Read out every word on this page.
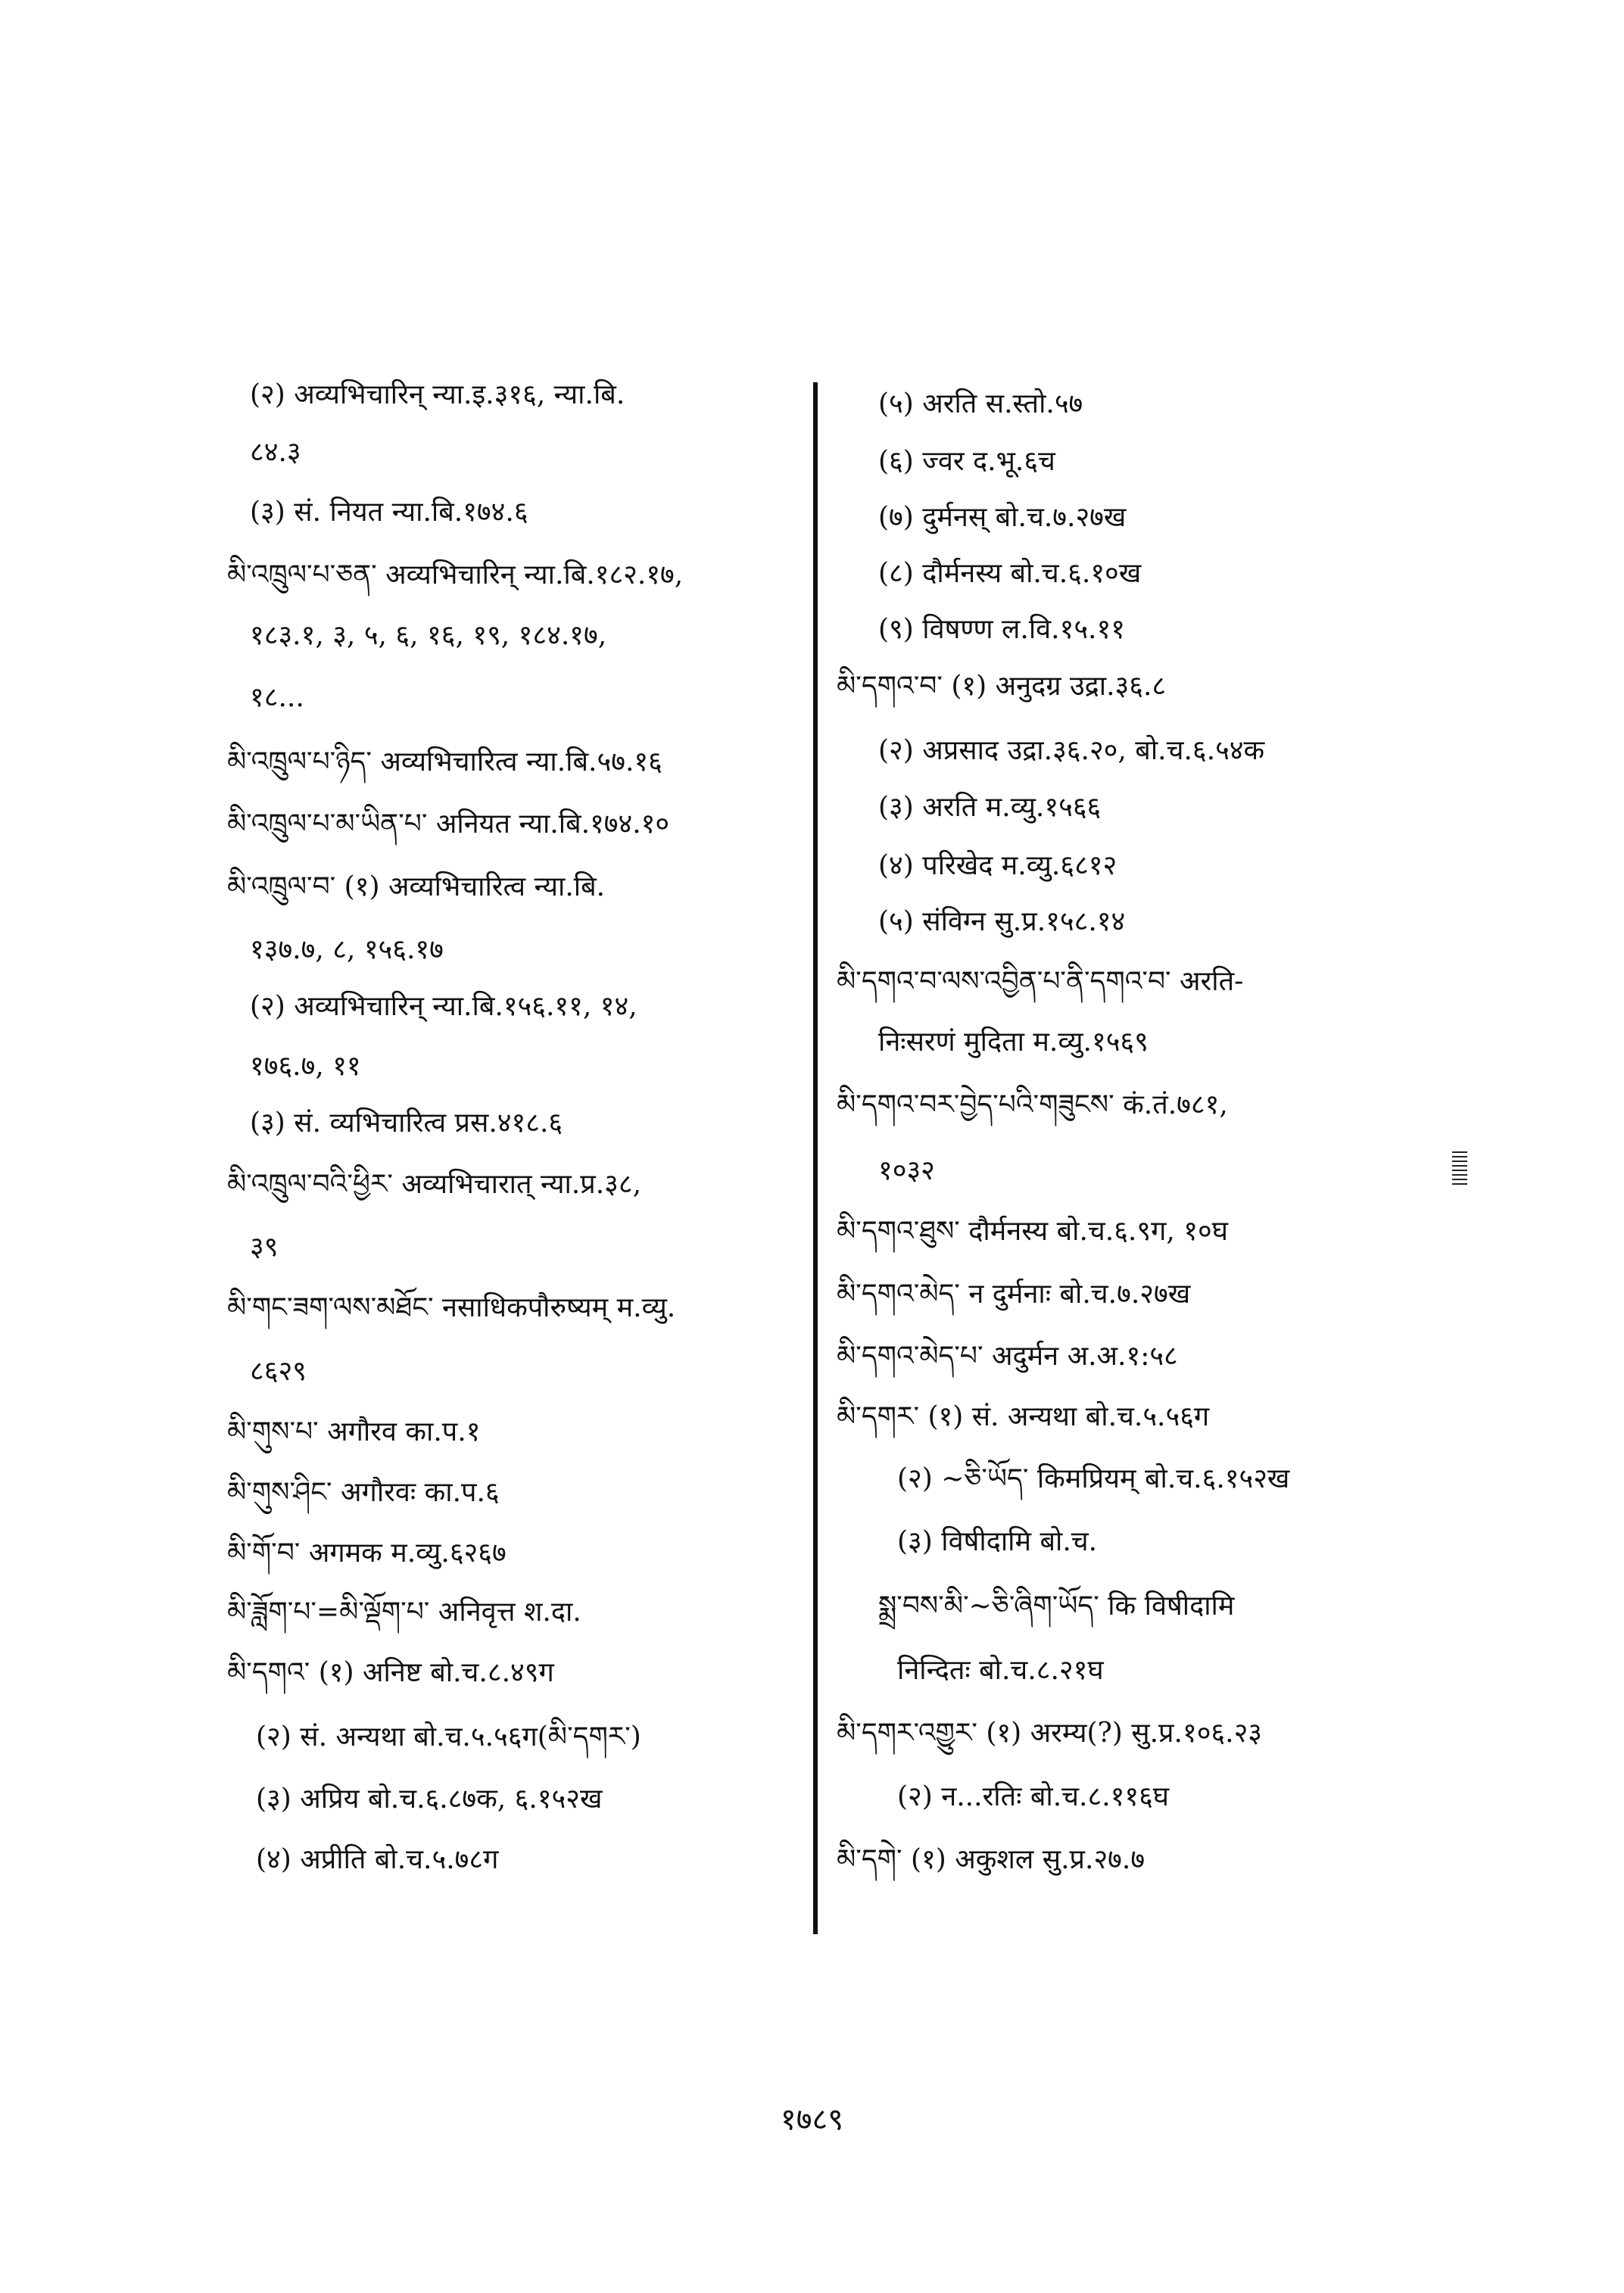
(२) अव्यभिचारिन् न्या.इ.३१६, न्या.बि.
८४.३
(३) सं. नियत न्या.बि.१७४.६
མི་འཁྲུལ་པ་ཅན་ अव्यभिचारिन् न्या.बि.१८२.१७,
१८३.१, ३, ५, ६, १६, १९, १८४.१७,
१८...
མི་འཁྲུལ་པ་ཉིད་ अव्यभिचारित्व न्या.बि.५७.१६
མི་འཁྲུལ་པ་མ་ཡིན་པ་ अनियत न्या.बि.१७४.१०
མི་འཁྲུལ་བ་ (१) अव्यभिचारित्व न्या.बि.
१३७.७, ८, १५६.१७
(२) अव्यभिचारिन् न्या.बि.१५६.११, १४,
१७६.७, ११
(३) सं. व्यभिचारित्व प्रस.४१८.६
མི་འཁྲུལ་བའི་ཕྱིར་ अव्यभिचारात् न्या.प्र.३८,
३९
མི་གང་ཟག་ལས་མཐོང་ नसाधिकपौरुष्यम् म.व्यु.
८६२९
མི་གུས་པ་ अगौरव का.प.१
མི་གུས་ཤིང་ अगौरवः का.प.६
མི་གོ་བ་ अगमक म.व्यु.६२६७
མི་ཟློག་པ་=མི་ལྡོག་པ་ अनिवृत्त श.दा.
མི་དགའ་ (१) अनिष्ट बो.च.८.४९ग
(२) सं. अन्यथा बो.च.५.५६ग(མི་དགར་)
(३) अप्रिय बो.च.६.८७क, ६.१५२ख
(४) अप्रीति बो.च.५.७८ग
(५) अरति स.स्तो.५७
(६) ज्वर द.भू.६च
(७) दुर्मनस् बो.च.७.२७ख
(८) दौर्मनस्य बो.च.६.१०ख
(९) विषण्ण ल.वि.१५.११
མི་དགའ་བ་ (१) अनुदग्र उद्रा.३६.८
(२) अप्रसाद उद्रा.३६.२०, बो.च.६.५४क
(३) अरति म.व्यु.१५६६
(४) परिखेद म.व्यु.६८१२
(५) संविग्न सु.प्र.१५८.१४
མི་དགའ་བ་ལས་འབྱིན་པ་ནི་དགའ་བ་ अरति-
निःसरणं मुदिता म.व्यु.१५६९
མི་དགའ་བར་བྱེད་པའི་གཟུངས་ कं.तं.७८१,
१०३२
མི་དགའ་ཐུས་ दौर्मनस्य बो.च.६.९ग, १०घ
མི་དགའ་མེད་ न दुर्मनाः बो.च.७.२७ख
མི་དགའ་མེད་པ་ अदुर्मन अ.अ.१:५८
མི་དགར་ (१) सं. अन्यथा बो.च.५.५६ग
(२) ~ཅི་ཡོད་ किमप्रियम् बो.च.६.१५२ख
(३) विषीदामि बो.च.
སྨྲ་བས་མི་~ཅི་ཞིག་ཡོད་ कि विषीदामि
निन्दितः बो.च.८.२१घ
མི་དགར་འགྱུར་ (१) अरम्य(?) सु.प्र.१०६.२३
(२) न...रतिः बो.च.८.११६घ
མི་དགེ་ (१) अकुशल सु.प्र.२७.७
१७८९
